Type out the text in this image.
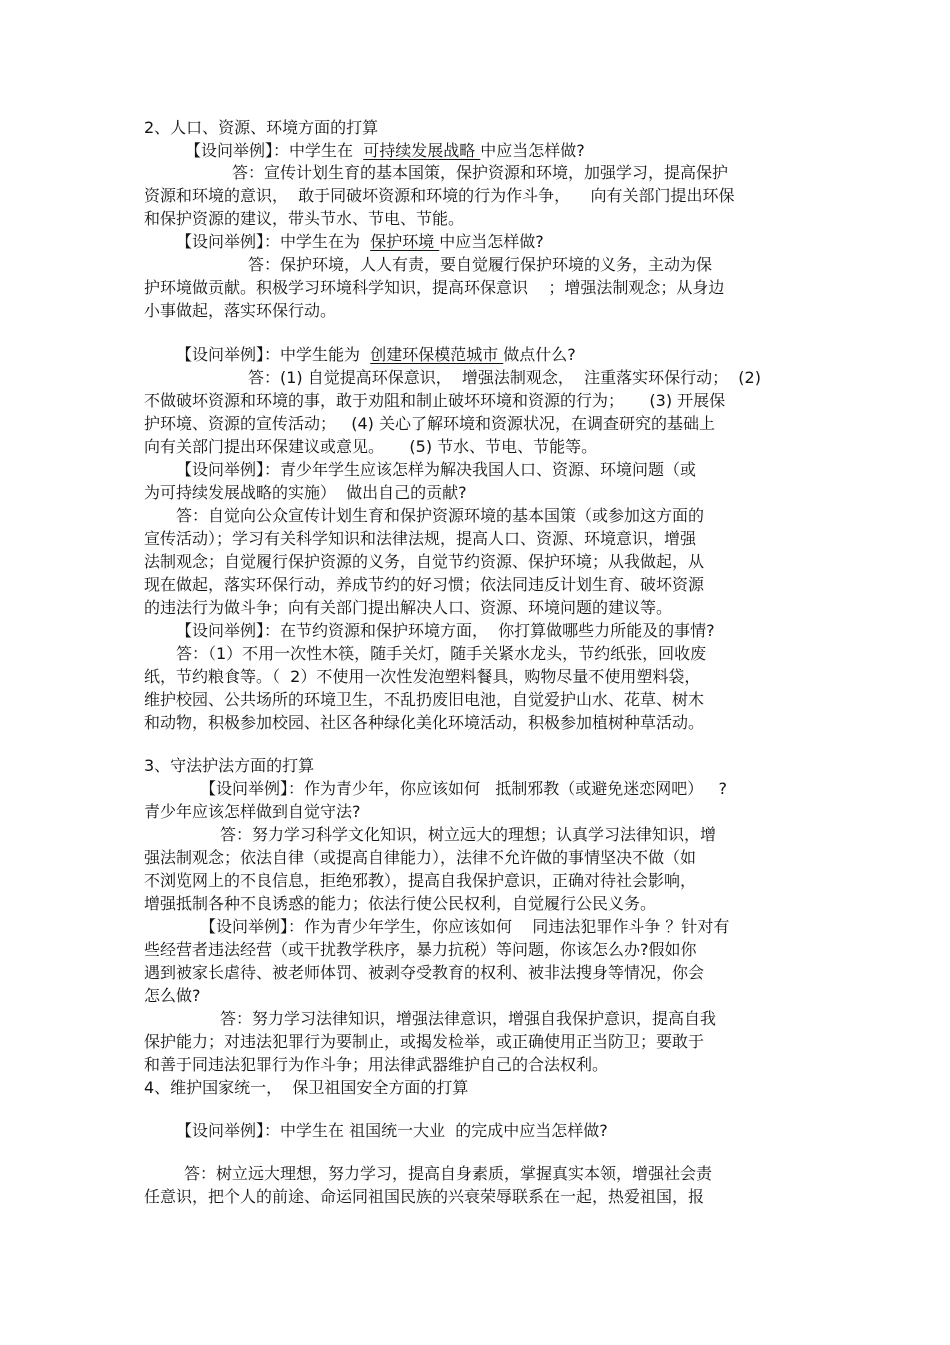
2、人口、资源、环境方面的打算
【设问举例】：中学生在  可持续发展战略 中应当怎样做?
答：宣传计划生育的基本国策，保护资源和环境，加强学习，提高保护
资源和环境的意识，  敢于同破坏资源和环境的行为作斗争，    向有关部门提出环保
和保护资源的建议，带头节水、节电、节能。
【设问举例】：中学生在为  保护环境 中应当怎样做?
答：保护环境，人人有责，要自觉履行保护环境的义务，主动为保
护环境做贡献。积极学习环境科学知识，提高环保意识    ；增强法制观念；从身边
小事做起，落实环保行动。
【设问举例】：中学生能为  创建环保模范城市 做点什么?
答：(1) 自觉提高环保意识，  增强法制观念，  注重落实环保行动；  (2)
不做破坏资源和环境的事，敢于劝阻和制止破坏环境和资源的行为；     (3) 开展保
护环境、资源的宣传活动；   (4) 关心了解环境和资源状况，在调查研究的基础上
向有关部门提出环保建议或意见。     (5) 节水、节电、节能等。
【设问举例】：青少年学生应该怎样为解决我国人口、资源、环境问题（或
为可持续发展战略的实施）  做出自己的贡献?
答：自觉向公众宣传计划生育和保护资源环境的基本国策（或参加这方面的
宣传活动）；学习有关科学知识和法律法规，提高人口、资源、环境意识，增强
法制观念；自觉履行保护资源的义务，自觉节约资源、保护环境；从我做起，从
现在做起，落实环保行动，养成节约的好习惯；依法同违反计划生育、破坏资源
的违法行为做斗争；向有关部门提出解决人口、资源、环境问题的建议等。
【设问举例】：在节约资源和保护环境方面，  你打算做哪些力所能及的事情?
答：（1）不用一次性木筷，随手关灯，随手关紧水龙头，节约纸张，回收废
纸，节约粮食等。（  2）不使用一次性发泡塑料餐具，购物尽量不使用塑料袋，
维护校园、公共场所的环境卫生，不乱扔废旧电池，自觉爱护山水、花草、树木
和动物，积极参加校园、社区各种绿化美化环境活动，积极参加植树种草活动。
3、守法护法方面的打算
【设问举例】：作为青少年，你应该如何   抵制邪教（或避免迷恋网吧）   ?
青少年应该怎样做到自觉守法?
答：努力学习科学文化知识，树立远大的理想；认真学习法律知识，增
强法制观念；依法自律（或提高自律能力），法律不允许做的事情坚决不做（如
不浏览网上的不良信息，拒绝邪教），提高自我保护意识，正确对待社会影响，
增强抵制各种不良诱惑的能力；依法行使公民权利，自觉履行公民义务。
【设问举例】：作为青少年学生，你应该如何    同违法犯罪作斗争 ？针对有
些经营者违法经营（或干扰教学秩序，暴力抗税）等问题，你该怎么办?假如你
遇到被家长虐待、被老师体罚、被剥夺受教育的权利、被非法搜身等情况，你会
怎么做?
答：努力学习法律知识，增强法律意识，增强自我保护意识，提高自我
保护能力；对违法犯罪行为要制止，或揭发检举，或正确使用正当防卫；要敢于
和善于同违法犯罪行为作斗争；用法律武器维护自己的合法权利。
4、维护国家统一，  保卫祖国安全方面的打算
【设问举例】：中学生在 祖国统一大业  的完成中应当怎样做?
答：树立远大理想，努力学习，提高自身素质，掌握真实本领，增强社会责
任意识，把个人的前途、命运同祖国民族的兴衰荣辱联系在一起，热爱祖国，报
